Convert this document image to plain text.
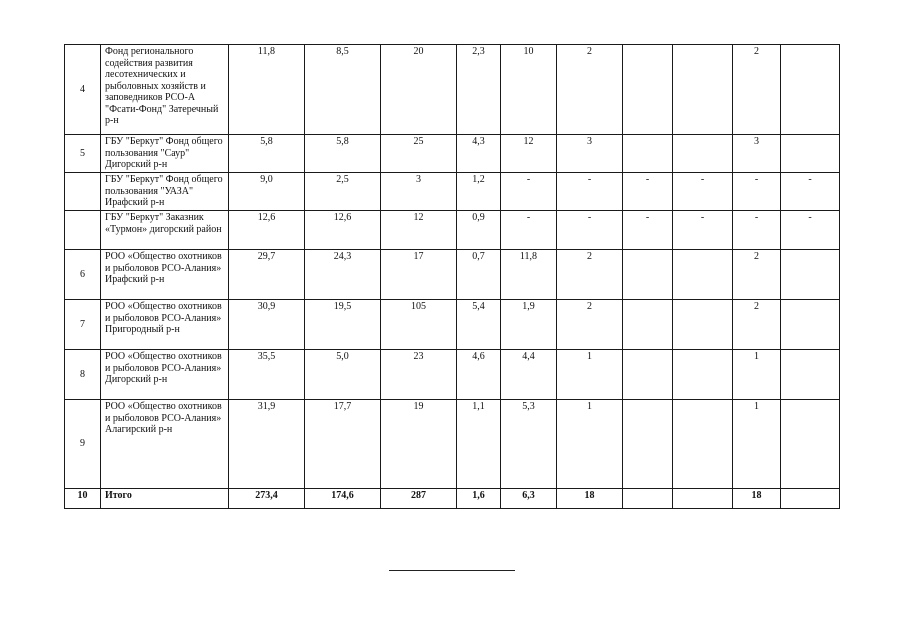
4	Фонд регионального содействия развития лесотехнических и рыболовных хозяйств и заповедников РСО-А "Фсати-Фонд" Затеречный р-н	11,8	8,5	20	2,3	10	2			2	
5	ГБУ "Беркут" Фонд общего пользования "Саур" Дигорский р-н	5,8	5,8	25	4,3	12	3			3	
	ГБУ "Беркут" Фонд общего пользования "УАЗА" Ирафский р-н	9,0	2,5	3	1,2	-	-	-	-	-	-
	ГБУ "Беркут" Заказник «Турмон» дигорский район	12,6	12,6	12	0,9	-	-	-	-	-	-
6	РОО «Общество охотников и рыболовов РСО-Алания» Ирафский р-н	29,7	24,3	17	0,7	11,8	2			2	
7	РОО «Общество охотников и рыболовов РСО-Алания» Пригородный р-н	30,9	19,5	105	5,4	1,9	2			2	
8	РОО «Общество охотников и рыболовов РСО-Алания» Дигорский р-н	35,5	5,0	23	4,6	4,4	1			1	
9	РОО «Общество охотников и рыболовов РСО-Алания» Алагирский р-н	31,9	17,7	19	1,1	5,3	1			1	
10	Итого	273,4	174,6	287	1,6	6,3	18			18	
